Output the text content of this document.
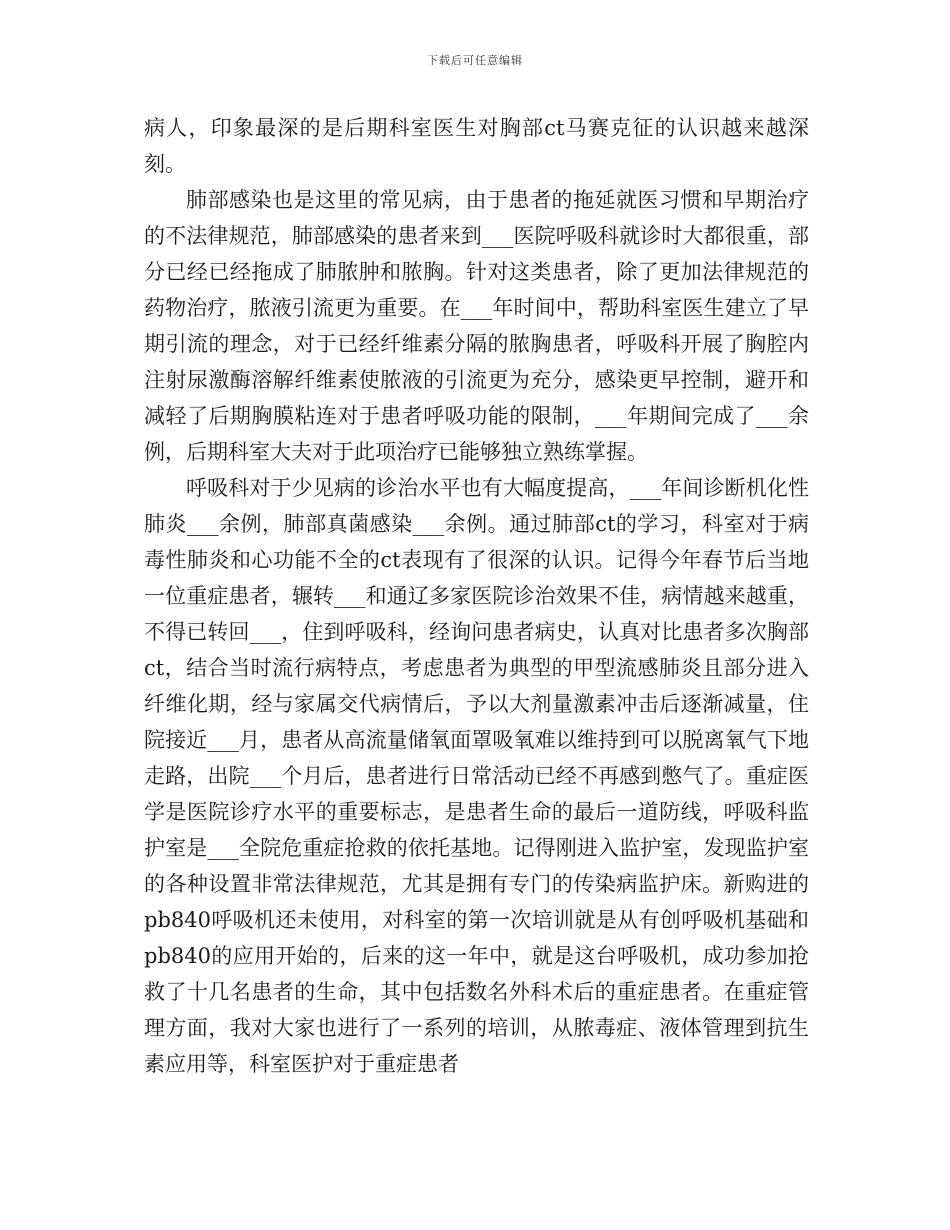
下载后可任意编辑

病人，印象最深的是后期科室医生对胸部ct马赛克征的认识越来越深刻。

肺部感染也是这里的常见病，由于患者的拖延就医习惯和早期治疗的不法律规范，肺部感染的患者来到___医院呼吸科就诊时大都很重，部分已经已经拖成了肺脓肿和脓胸。针对这类患者，除了更加法律规范的药物治疗，脓液引流更为重要。在___年时间中，帮助科室医生建立了早期引流的理念，对于已经纤维素分隔的脓胸患者，呼吸科开展了胸腔内注射尿激酶溶解纤维素使脓液的引流更为充分，感染更早控制，避开和减轻了后期胸膜粘连对于患者呼吸功能的限制，___年期间完成了___余例，后期科室大夫对于此项治疗已能够独立熟练掌握。

呼吸科对于少见病的诊治水平也有大幅度提高，___年间诊断机化性肺炎___余例，肺部真菌感染___余例。通过肺部ct的学习，科室对于病毒性肺炎和心功能不全的ct表现有了很深的认识。记得今年春节后当地一位重症患者，辗转___和通辽多家医院诊治效果不佳，病情越来越重，不得已转回___，住到呼吸科，经询问患者病史，认真对比患者多次胸部ct，结合当时流行病特点，考虑患者为典型的甲型流感肺炎且部分进入纤维化期，经与家属交代病情后，予以大剂量激素冲击后逐渐减量，住院接近___月，患者从高流量储氧面罩吸氧难以维持到可以脱离氧气下地走路，出院___个月后，患者进行日常活动已经不再感到憋气了。重症医学是医院诊疗水平的重要标志，是患者生命的最后一道防线，呼吸科监护室是___全院危重症抢救的依托基地。记得刚进入监护室，发现监护室的各种设置非常法律规范，尤其是拥有专门的传染病监护床。新购进的pb840呼吸机还未使用，对科室的第一次培训就是从有创呼吸机基础和pb840的应用开始的，后来的这一年中，就是这台呼吸机，成功参加抢救了十几名患者的生命，其中包括数名外科术后的重症患者。在重症管理方面，我对大家也进行了一系列的培训，从脓毒症、液体管理到抗生素应用等，科室医护对于重症患者
